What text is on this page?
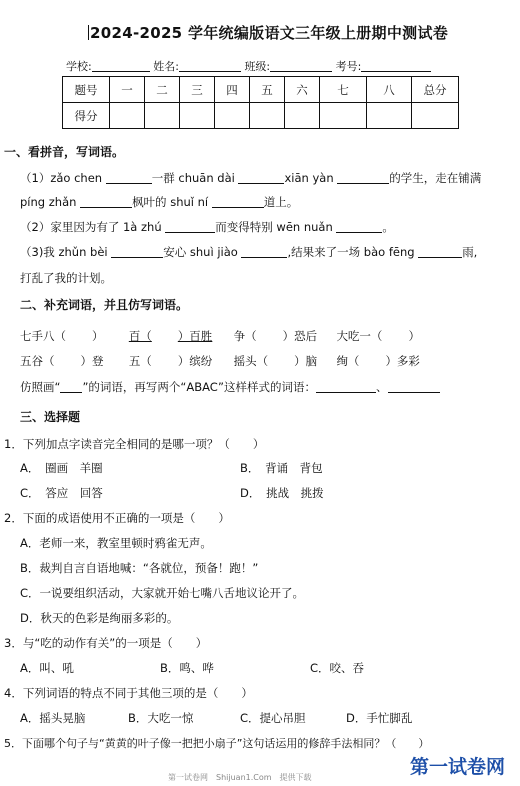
2024-2025 学年统编版语文三年级上册期中测试卷
学校:	姓名:	班级:	考号:
题号	一	二	三	四	五	六	七	八	总分
得分									
一、看拼音，写词语。
（1）zǎo chen	一群 chuān dài	xiān yàn	的学生，走在铺满
píng zhǎn	枫叶的 shuǐ ní	道上。
（2）家里因为有了 1à zhú	而变得特别 wēn nuǎn	。
（3)我 zhǔn bèi	安心 shuì jiào	,结果来了一场 bào fēng	雨,
打乱了我的计划。
二、补充词语，并且仿写词语。
七手八（ ） 百（ ）百胜 争（ ）恐后 大吃一（ ）
五谷（ ）登 五（ ）缤纷 摇头（ ）脑 绚（ ）多彩
仿照画“ ”的词语，再写两个“ABAC”这样样式的词语：	、
三、选择题
1．下列加点字读音完全相同的是哪一项？（　　）
A．　圈画　羊圈	B．　背诵　背包
C．　答应　回答	D．　挑战　挑拨
2．下面的成语使用不正确的一项是（　　）
A．老师一来，教室里顿时鸦雀无声。
B．裁判自言自语地喊：“各就位，预备！跑！”
C．一说要组织活动，大家就开始七嘴八舌地议论开了。
D．秋天的色彩是绚丽多彩的。
3．与“吃的动作有关”的一项是（　　）
A．叫、吼	B．鸣、哗	C．咬、吞
4．下列词语的特点不同于其他三项的是（　　）
A．摇头晃脑	B．大吃一惊	C．提心吊胆	D．手忙脚乱
5．下面哪个句子与“黄黄的叶子像一把把小扇子”这句话运用的修辞手法相同？（　　）
第一试卷网　Shijuan1.Com　提供下载	第一试卷网
